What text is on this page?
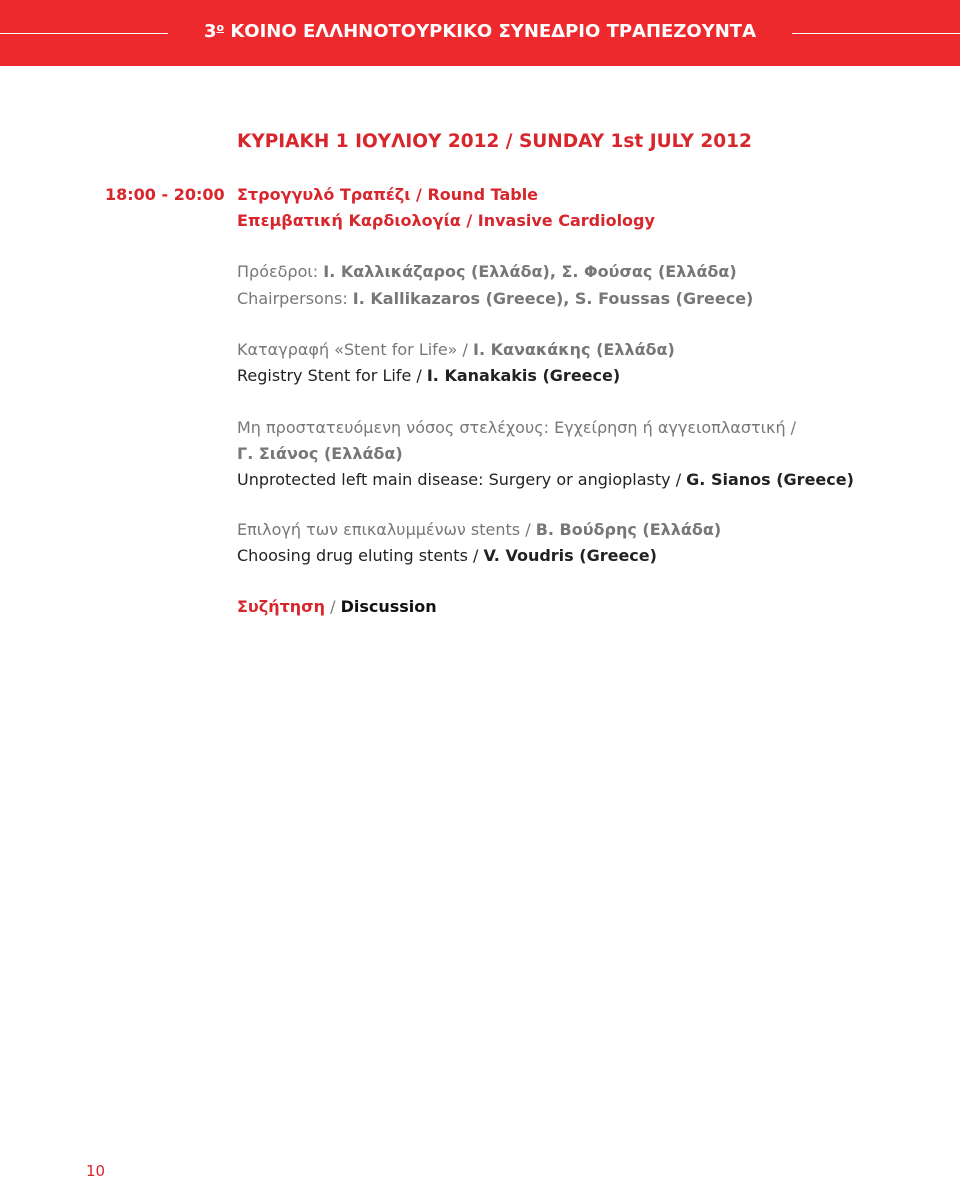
$3^o$ ΚΟΙΝΟ ΕΛΛΗΝΟΤΟΥΡΚΙΚΟ ΣΥΝΕΔΡΙΟ ΤΡΑΠΕΖΟΥΝΤΑ
ΚΥΡΙΑΚΗ 1 ΙΟΥΛΙΟΥ 2012 / SUNDAY 1st JULY 2012
18:00 - 20:00 Στρογγυλό Τραπέζι / Round Table
Επεμβατική Καρδιολογία / Invasive Cardiology
Πρόεδροι: Ι. Καλλικάζαρος (Ελλάδα), Σ. Φούσας (Ελλάδα)
Chairpersons: I. Kallikazaros (Greece), S. Foussas (Greece)
Καταγραφή «Stent for Life» / Ι. Κανακάκης (Ελλάδα)
Registry Stent for Life / I. Kanakakis (Greece)
Μη προστατευόμενη νόσος στελέχους: Εγχείρηση ή αγγειοπλαστική /
Γ. Σιάνος (Ελλάδα)
Unprotected left main disease: Surgery or angioplasty / G. Sianos (Greece)
Επιλογή των επικαλυμμένων stents / Β. Βούδρης (Ελλάδα)
Choosing drug eluting stents / V. Voudris (Greece)
Συζήτηση / Discussion
10
